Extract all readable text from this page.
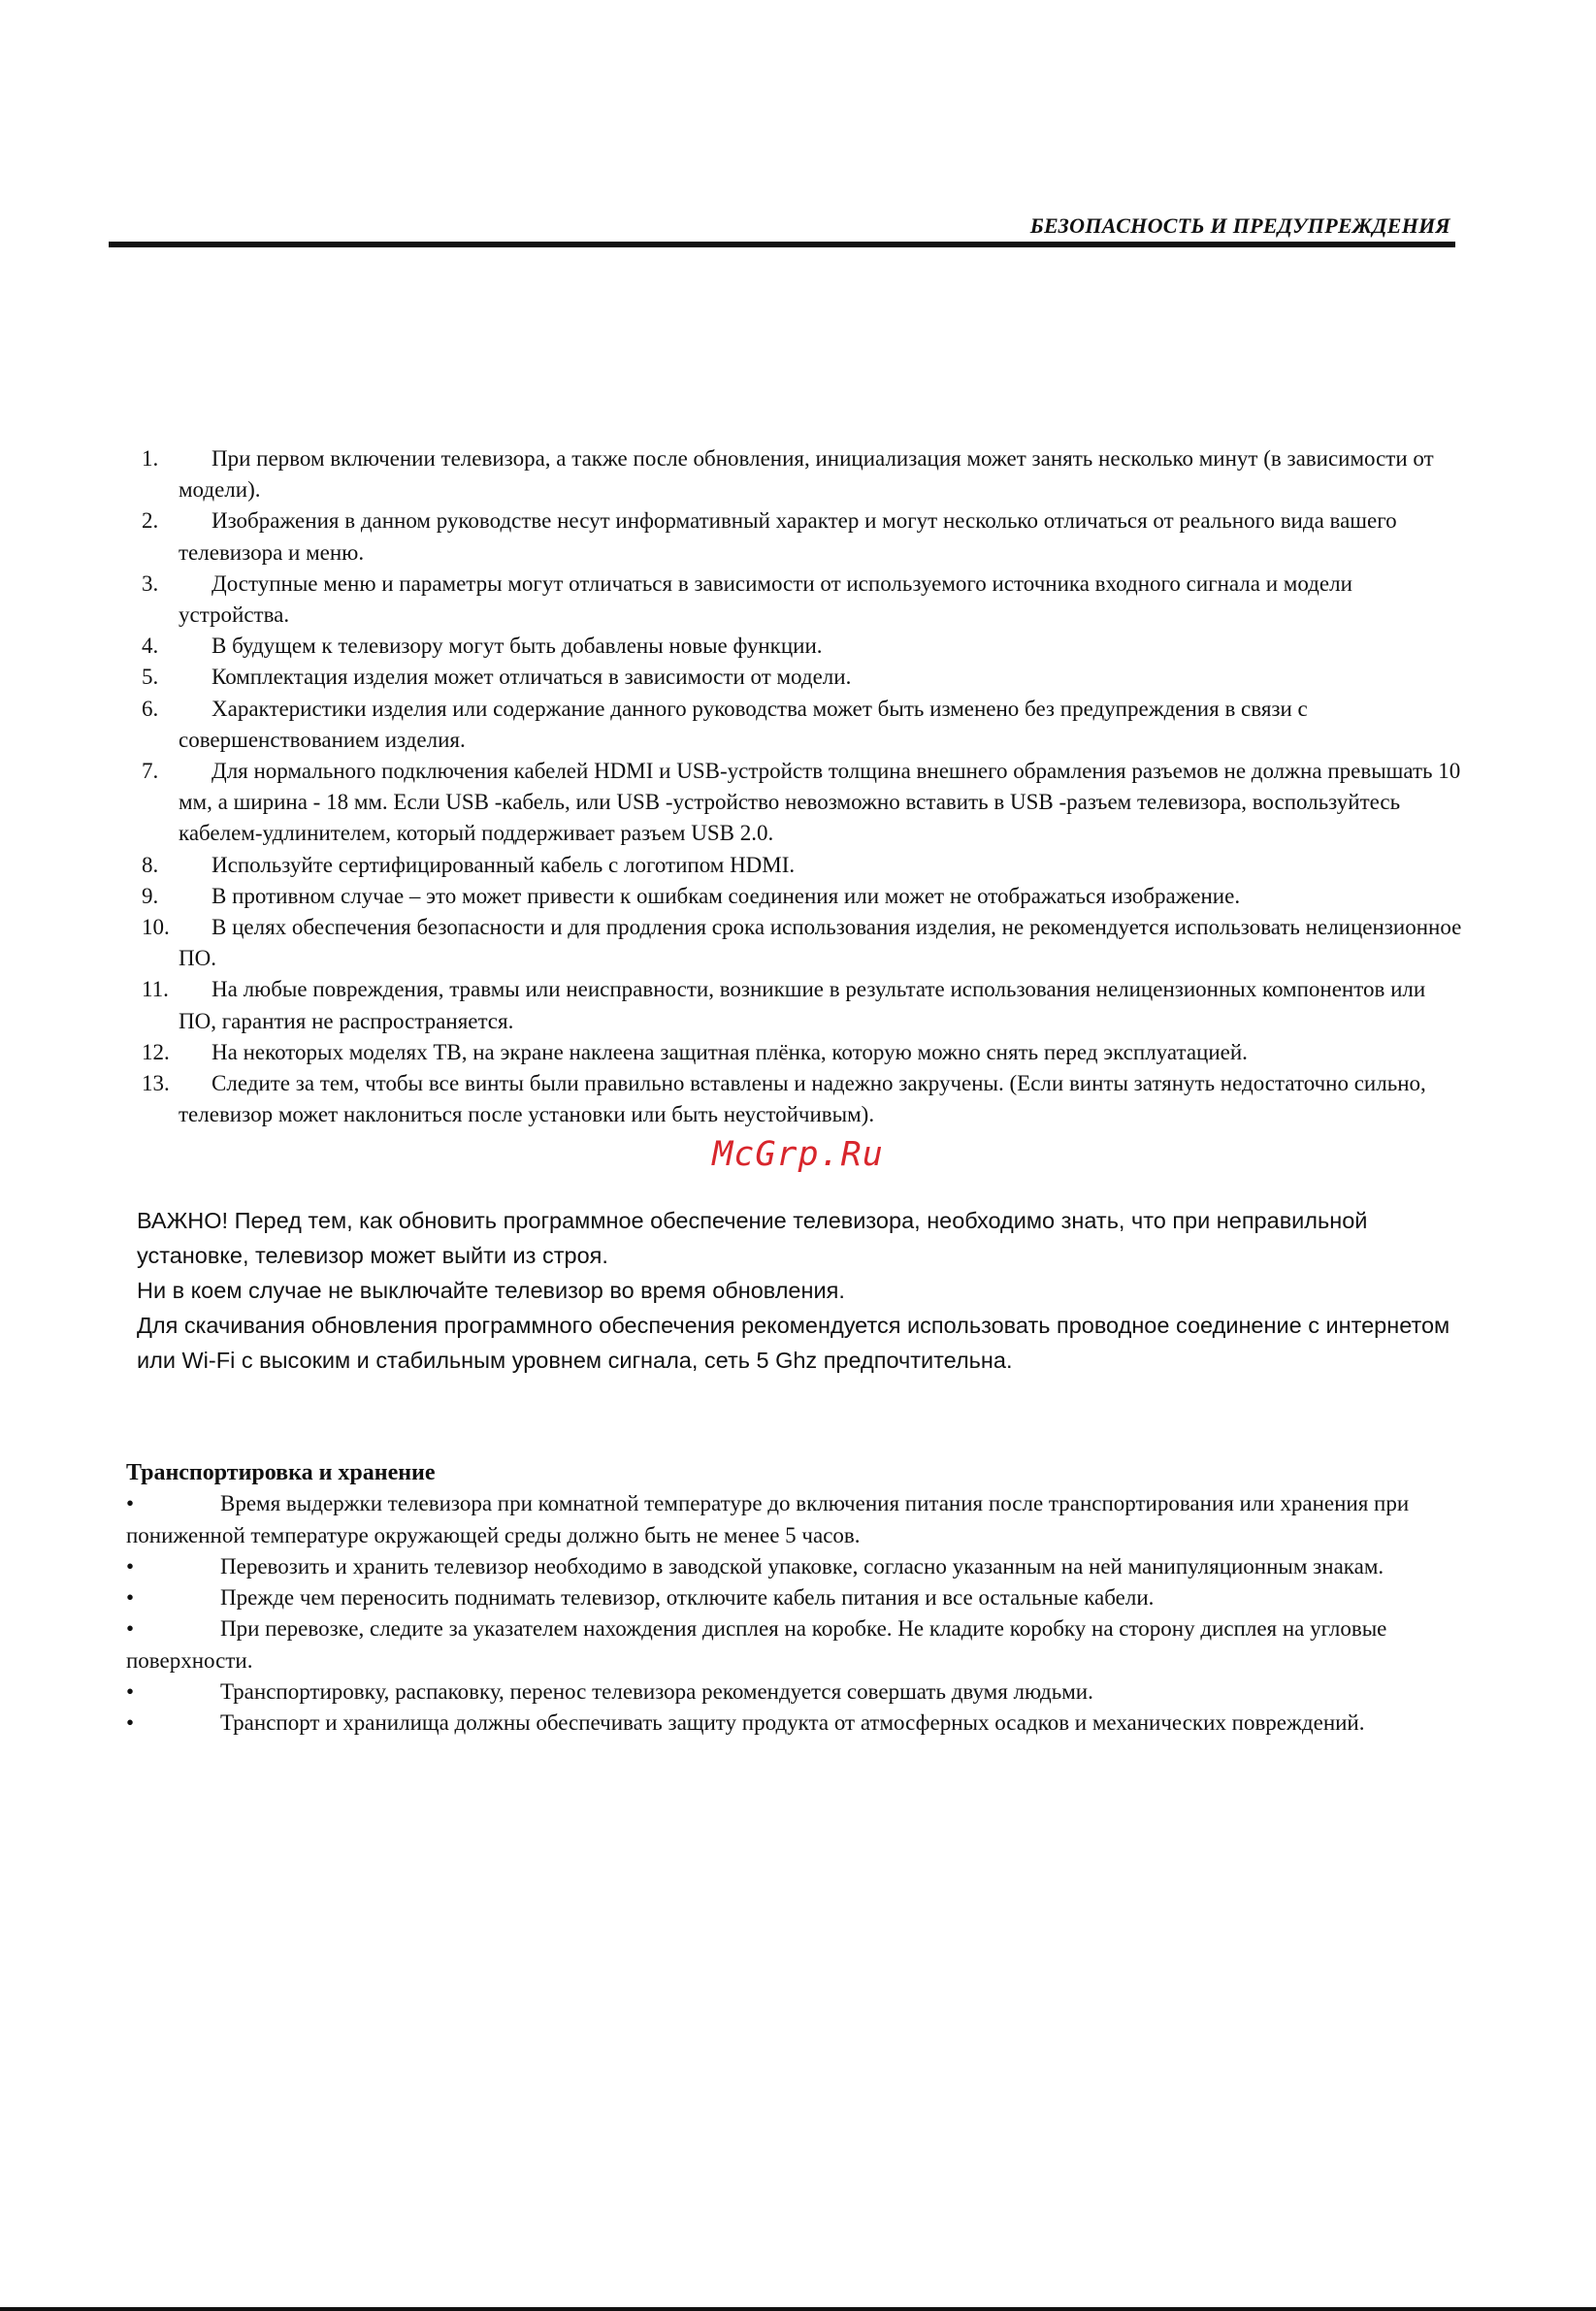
БЕЗОПАСНОСТЬ И ПРЕДУПРЕЖДЕНИЯ
1. При первом включении телевизора, а также после обновления, инициализация может занять несколько минут (в зависимости от модели).
2. Изображения в данном руководстве несут информативный характер и могут несколько отличаться от реального вида вашего телевизора и меню.
3. Доступные меню и параметры могут отличаться в зависимости от используемого источника входного сигнала и модели устройства.
4. В будущем к телевизору могут быть добавлены новые функции.
5. Комплектация изделия может отличаться в зависимости от модели.
6. Характеристики изделия или содержание данного руководства может быть изменено без предупреждения в связи с совершенствованием изделия.
7. Для нормального подключения кабелей HDMI и USB-устройств толщина внешнего обрамления разъемов не должна превышать 10 мм, а ширина - 18 мм. Если USB -кабель, или USB -устройство невозможно вставить в USB -разъем телевизора, воспользуйтесь кабелем-удлинителем, который поддерживает разъем USB 2.0.
8. Используйте сертифицированный кабель с логотипом HDMI.
9. В противном случае – это может привести к ошибкам соединения или может не отображаться изображение.
10. В целях обеспечения безопасности и для продления срока использования изделия, не рекомендуется использовать нелицензионное ПО.
11. На любые повреждения, травмы или неисправности, возникшие в результате использования нелицензионных компонентов или ПО, гарантия не распространяется.
12. На некоторых моделях ТВ, на экране наклеена защитная плёнка, которую можно снять перед эксплуатацией.
13. Следите за тем, чтобы все винты были правильно вставлены и надежно закручены. (Если винты затянуть недостаточно сильно, телевизор может наклониться после установки или быть неустойчивым).
McGrp.Ru

ВАЖНО! Перед тем, как обновить программное обеспечение телевизора, необходимо знать, что при неправильной установке, телевизор может выйти из строя.

Ни в коем случае не выключайте телевизор во время обновления.

Для скачивания обновления программного обеспечения рекомендуется использовать проводное соединение с интернетом или Wi-Fi с высоким и стабильным уровнем сигнала, сеть 5 Ghz предпочтительна.

Транспортировка и хранение

•	Время выдержки телевизора при комнатной температуре до включения питания после транспортирования или хранения при пониженной температуре окружающей среды должно быть не менее 5 часов.
•	Перевозить и хранить телевизор необходимо в заводской упаковке, согласно указанным на ней манипуляционным знакам.
•	Прежде чем переносить поднимать телевизор, отключите кабель питания и все остальные кабели.
•	При перевозке, следите за указателем нахождения дисплея на коробке. Не кладите коробку на сторону дисплея на угловые поверхности.
•	Транспортировку, распаковку, перенос телевизора рекомендуется совершать двумя людьми.
•	Транспорт и хранилища должны обеспечивать защиту продукта от атмосферных осадков и механических повреждений.
